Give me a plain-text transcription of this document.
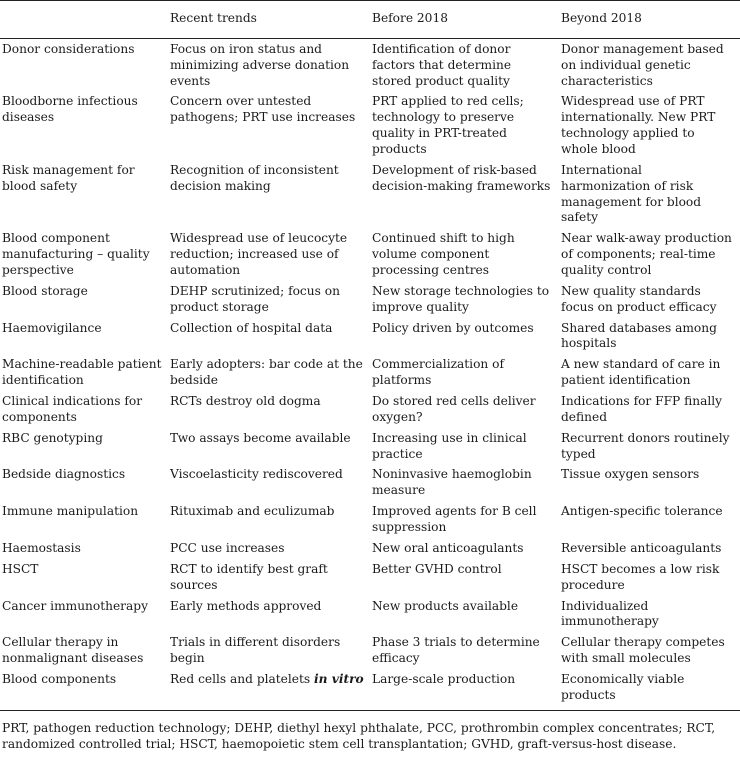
	Recent trends	Before 2018	Beyond 2018
Donor considerations	Focus on iron status and minimizing adverse donation events	Identification of donor factors that determine stored product quality	Donor management based on individual genetic characteristics
Bloodborne infectious diseases	Concern over untested pathogens; PRT use increases	PRT applied to red cells; technology to preserve quality in PRT-treated products	Widespread use of PRT internationally. New PRT technology applied to whole blood
Risk management for blood safety	Recognition of inconsistent decision making	Development of risk-based decision-making frameworks	International harmonization of risk management for blood safety
Blood component manufacturing – quality perspective	Widespread use of leucocyte reduction; increased use of automation	Continued shift to high volume component processing centres	Near walk-away production of components; real-time quality control
Blood storage	DEHP scrutinized; focus on product storage	New storage technologies to improve quality	New quality standards focus on product efficacy
Haemovigilance	Collection of hospital data	Policy driven by outcomes	Shared databases among hospitals
Machine-readable patient identification	Early adopters: bar code at the bedside	Commercialization of platforms	A new standard of care in patient identification
Clinical indications for components	RCTs destroy old dogma	Do stored red cells deliver oxygen?	Indications for FFP finally defined
RBC genotyping	Two assays become available	Increasing use in clinical practice	Recurrent donors routinely typed
Bedside diagnostics	Viscoelasticity rediscovered	Noninvasive haemoglobin measure	Tissue oxygen sensors
Immune manipulation	Rituximab and eculizumab	Improved agents for B cell suppression	Antigen-specific tolerance
Haemostasis	PCC use increases	New oral anticoagulants	Reversible anticoagulants
HSCT	RCT to identify best graft sources	Better GVHD control	HSCT becomes a low risk procedure
Cancer immunotherapy	Early methods approved	New products available	Individualized immunotherapy
Cellular therapy in nonmalignant diseases	Trials in different disorders begin	Phase 3 trials to determine efficacy	Cellular therapy competes with small molecules
Blood components	Red cells and platelets in vitro	Large-scale production	Economically viable products

PRT, pathogen reduction technology; DEHP, diethyl hexyl phthalate, PCC, prothrombin complex concentrates; RCT, randomized controlled trial; HSCT, haemopoietic stem cell transplantation; GVHD, graft-versus-host disease.
